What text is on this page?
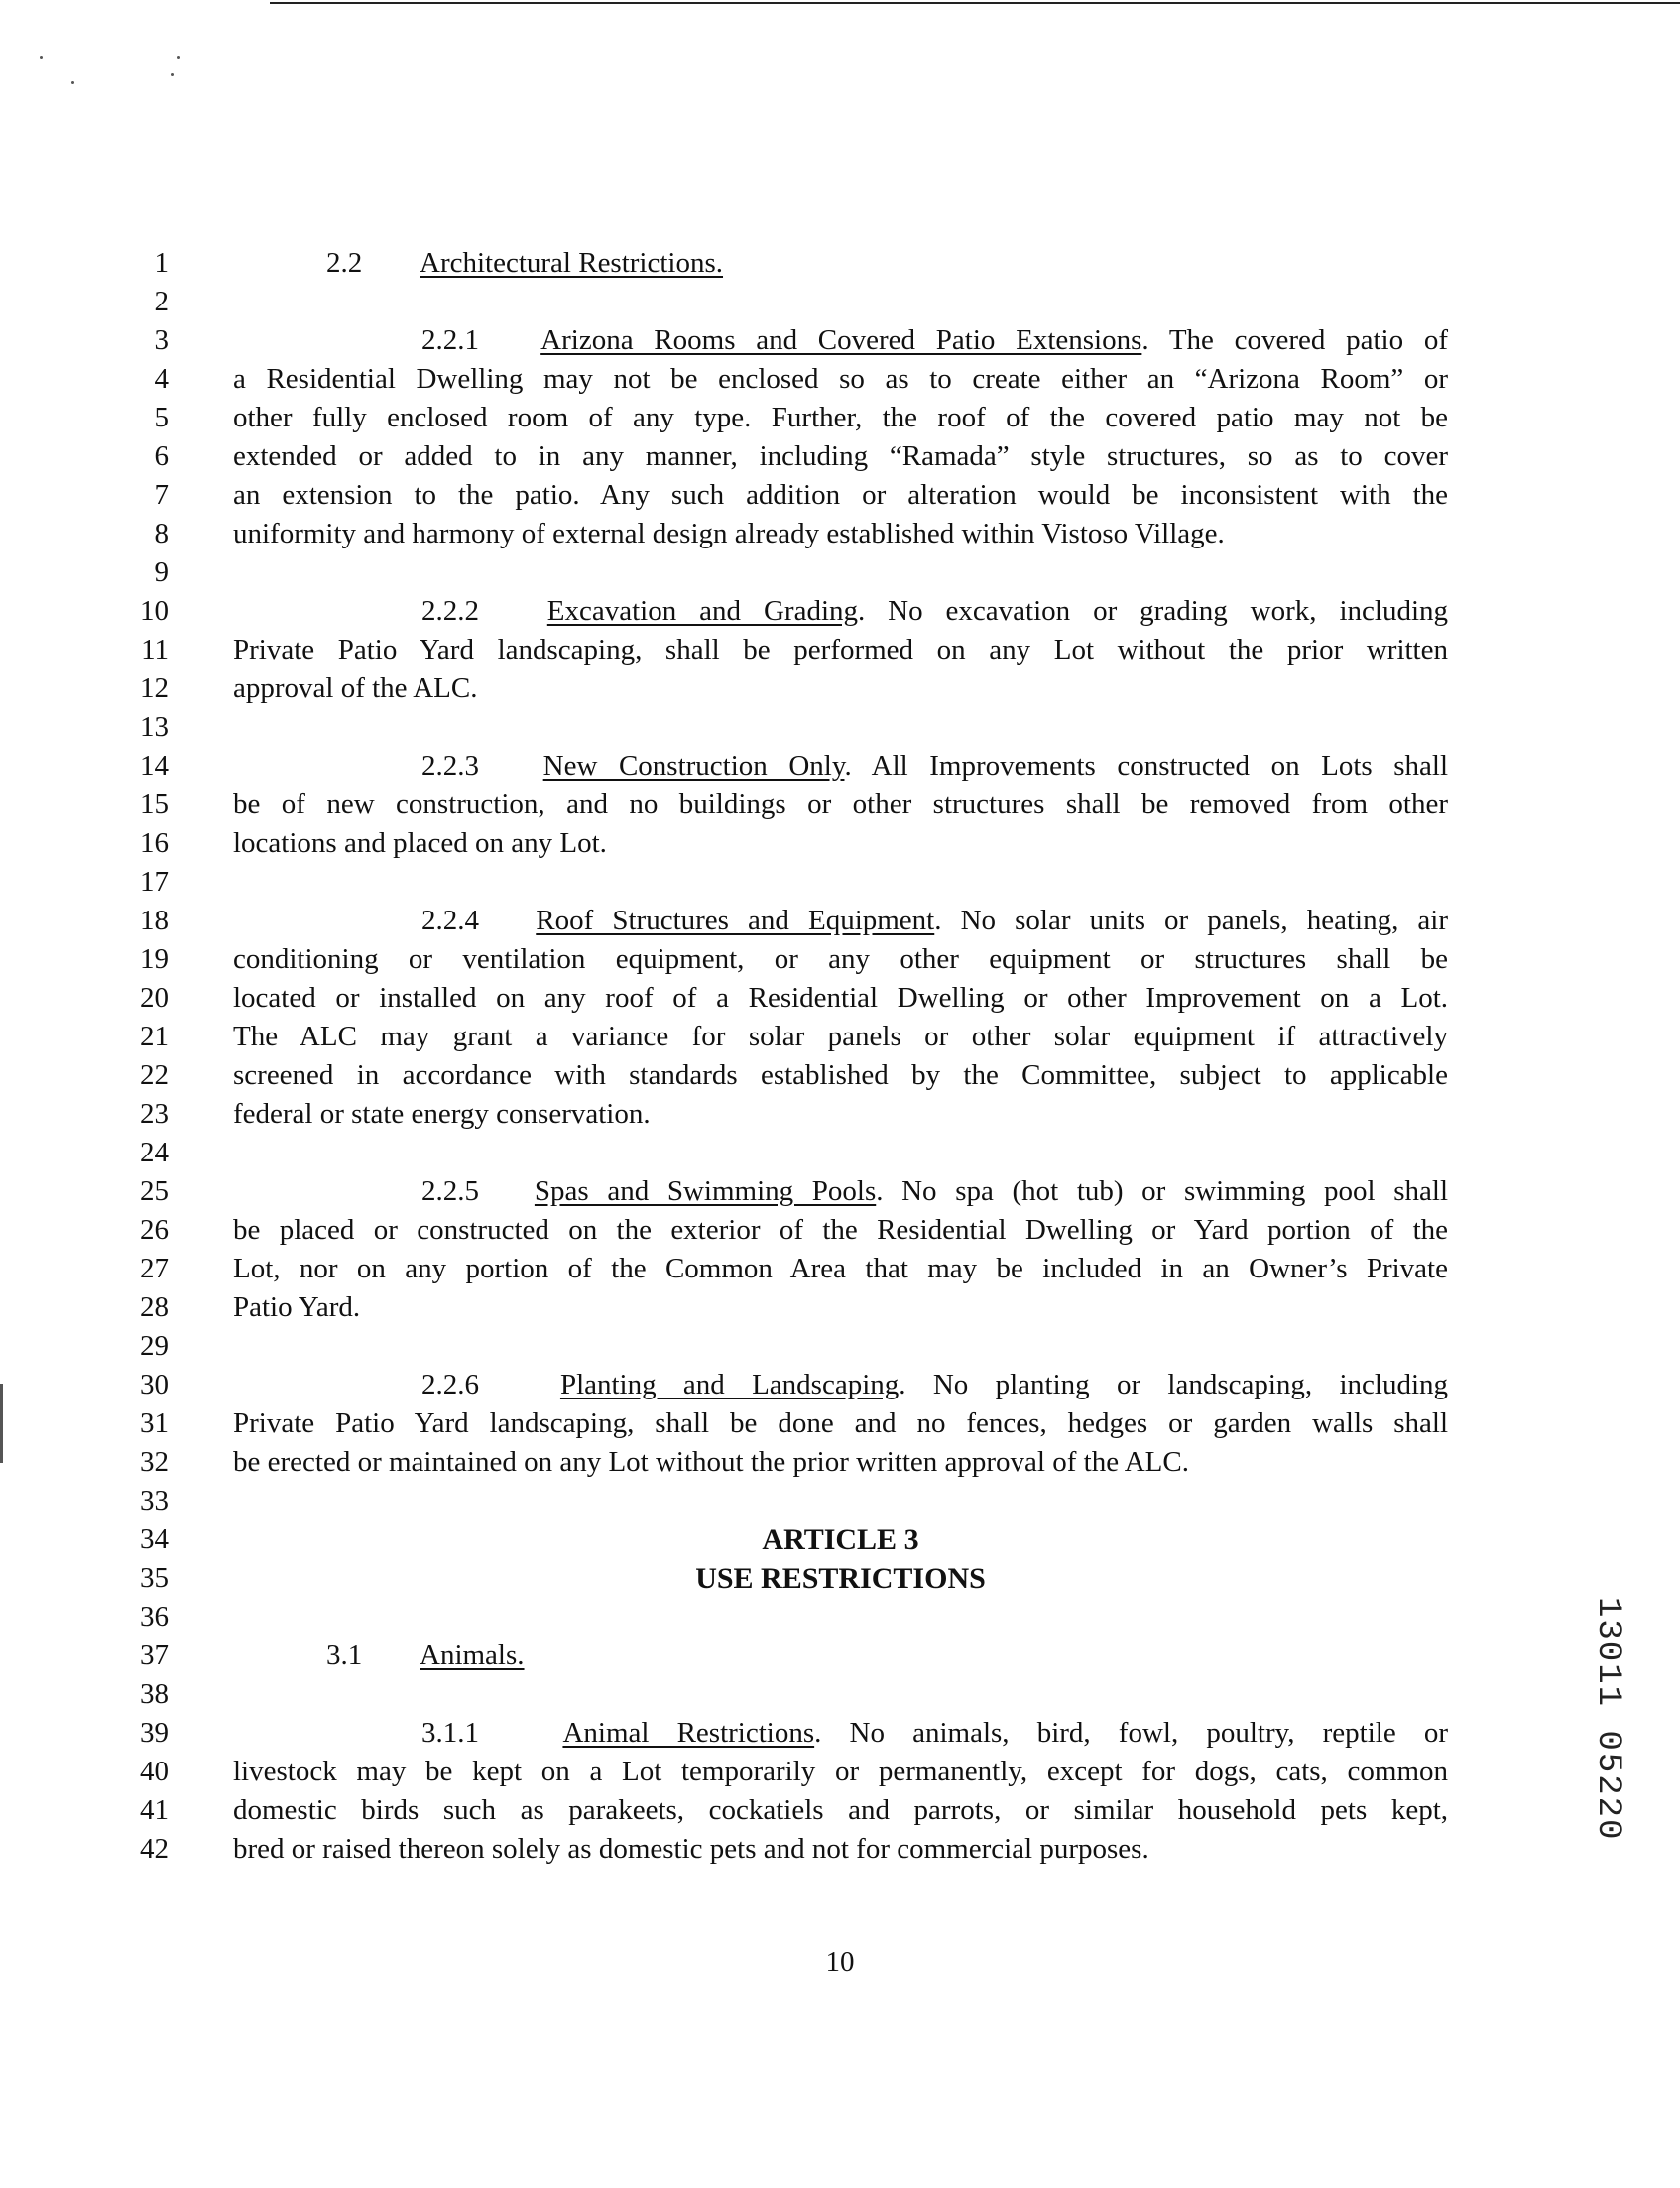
1
2
3
4
5
6
7
8
9
10
11
12
13
14
15
16
17
18
19
20
21
22
23
24
25
26
27
28
29
30
31
32
33
34
35
36
37
38
39
40
41
42
2.2 Architectural Restrictions.
2.2.1 Arizona Rooms and Covered Patio Extensions. The covered patio of
a Residential Dwelling may not be enclosed so as to create either an “Arizona Room” or
other fully enclosed room of any type. Further, the roof of the covered patio may not be
extended or added to in any manner, including “Ramada” style structures, so as to cover
an extension to the patio. Any such addition or alteration would be inconsistent with the
uniformity and harmony of external design already established within Vistoso Village.
2.2.2 Excavation and Grading. No excavation or grading work, including
Private Patio Yard landscaping, shall be performed on any Lot without the prior written
approval of the ALC.
2.2.3 New Construction Only. All Improvements constructed on Lots shall
be of new construction, and no buildings or other structures shall be removed from other
locations and placed on any Lot.
2.2.4 Roof Structures and Equipment. No solar units or panels, heating, air
conditioning or ventilation equipment, or any other equipment or structures shall be
located or installed on any roof of a Residential Dwelling or other Improvement on a Lot.
The ALC may grant a variance for solar panels or other solar equipment if attractively
screened in accordance with standards established by the Committee, subject to applicable
federal or state energy conservation.
2.2.5 Spas and Swimming Pools. No spa (hot tub) or swimming pool shall
be placed or constructed on the exterior of the Residential Dwelling or Yard portion of the
Lot, nor on any portion of the Common Area that may be included in an Owner’s Private
Patio Yard.
2.2.6	Planting and Landscaping. No planting or landscaping, including
Private Patio Yard landscaping, shall be done and no fences, hedges or garden walls shall
be erected or maintained on any Lot without the prior written approval of the ALC.
ARTICLE 3
USE RESTRICTIONS
3.1 Animals.
3.1.1	Animal Restrictions. No animals, bird, fowl, poultry, reptile or
livestock may be kept on a Lot temporarily or permanently, except for dogs, cats, common
domestic birds such as parakeets, cockatiels and parrots, or similar household pets kept,
bred or raised thereon solely as domestic pets and not for commercial purposes.
10
13011 05220
